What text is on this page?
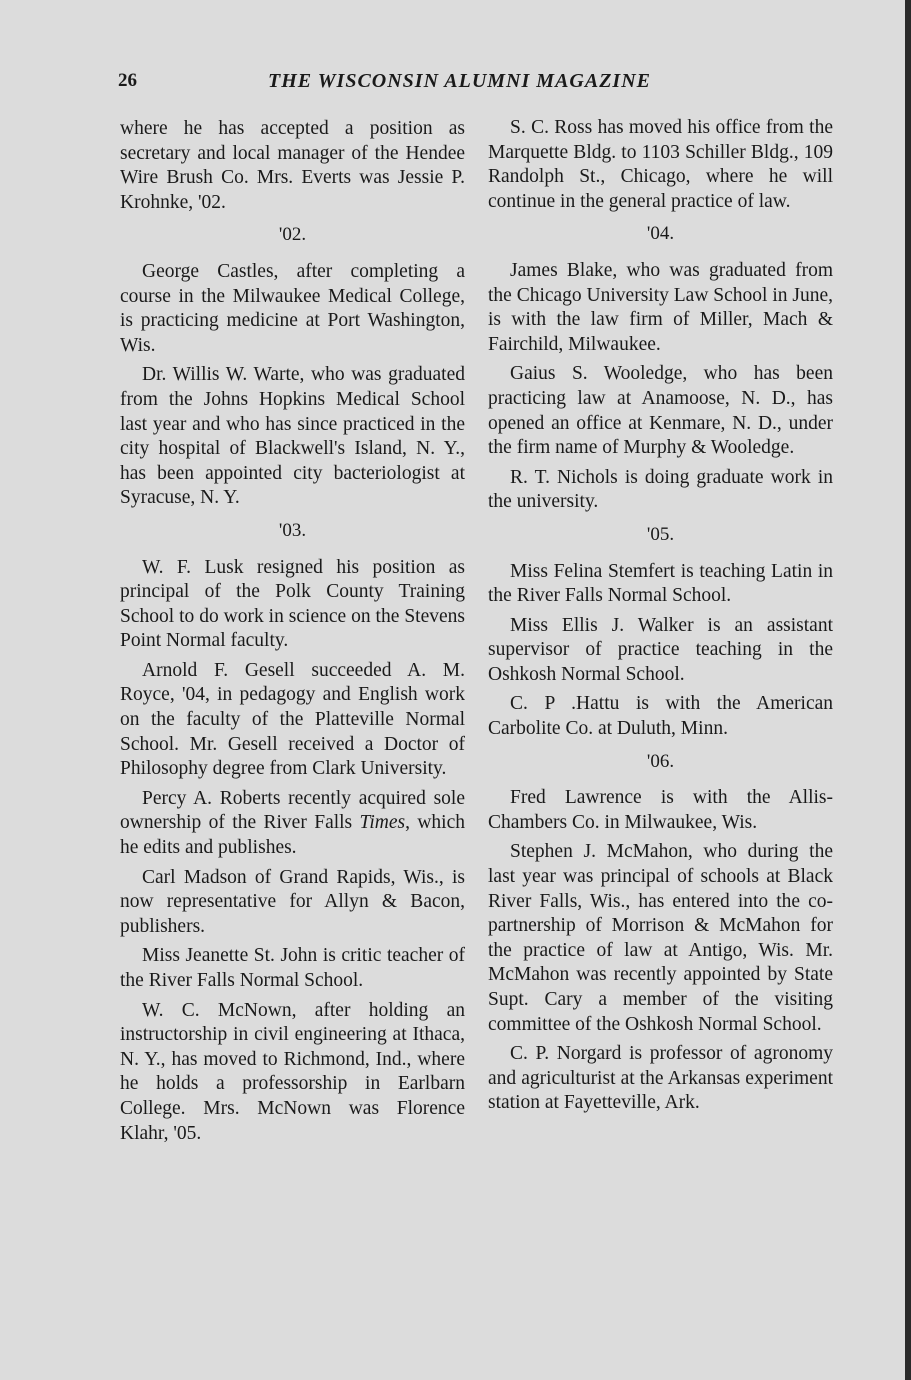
26	THE WISCONSIN ALUMNI MAGAZINE

where he has accepted a position as secretary and local manager of the Hendee Wire Brush Co. Mrs. Everts was Jessie P. Krohnke, '02.

'02.

George Castles, after completing a course in the Milwaukee Medical College, is practicing medicine at Port Washington, Wis.

Dr. Willis W. Warte, who was graduated from the Johns Hopkins Medical School last year and who has since practiced in the city hospital of Blackwell's Island, N. Y., has been appointed city bacteriologist at Syracuse, N. Y.

'03.

W. F. Lusk resigned his position as principal of the Polk County Training School to do work in science on the Stevens Point Normal faculty.

Arnold F. Gesell succeeded A. M. Royce, '04, in pedagogy and English work on the faculty of the Platteville Normal School. Mr. Gesell received a Doctor of Philosophy degree from Clark University.

Percy A. Roberts recently acquired sole ownership of the River Falls Times, which he edits and publishes.

Carl Madson of Grand Rapids, Wis., is now representative for Allyn & Bacon, publishers.

Miss Jeanette St. John is critic teacher of the River Falls Normal School.

W. C. McNown, after holding an instructorship in civil engineering at Ithaca, N. Y., has moved to Richmond, Ind., where he holds a professorship in Earlbarn College. Mrs. McNown was Florence Klahr, '05.

S. C. Ross has moved his office from the Marquette Bldg. to 1103 Schiller Bldg., 109 Randolph St., Chicago, where he will continue in the general practice of law.

'04.

James Blake, who was graduated from the Chicago University Law School in June, is with the law firm of Miller, Mach & Fairchild, Milwaukee.

Gaius S. Wooledge, who has been practicing law at Anamoose, N. D., has opened an office at Kenmare, N. D., under the firm name of Murphy & Wooledge.

R. T. Nichols is doing graduate work in the university.

'05.

Miss Felina Stemfert is teaching Latin in the River Falls Normal School.

Miss Ellis J. Walker is an assistant supervisor of practice teaching in the Oshkosh Normal School.

C. P .Hattu is with the American Carbolite Co. at Duluth, Minn.

'06.

Fred Lawrence is with the Allis-Chambers Co. in Milwaukee, Wis.

Stephen J. McMahon, who during the last year was principal of schools at Black River Falls, Wis., has entered into the co-partnership of Morrison & McMahon for the practice of law at Antigo, Wis. Mr. McMahon was recently appointed by State Supt. Cary a member of the visiting committee of the Oshkosh Normal School.

C. P. Norgard is professor of agronomy and agriculturist at the Arkansas experiment station at Fayetteville, Ark.
